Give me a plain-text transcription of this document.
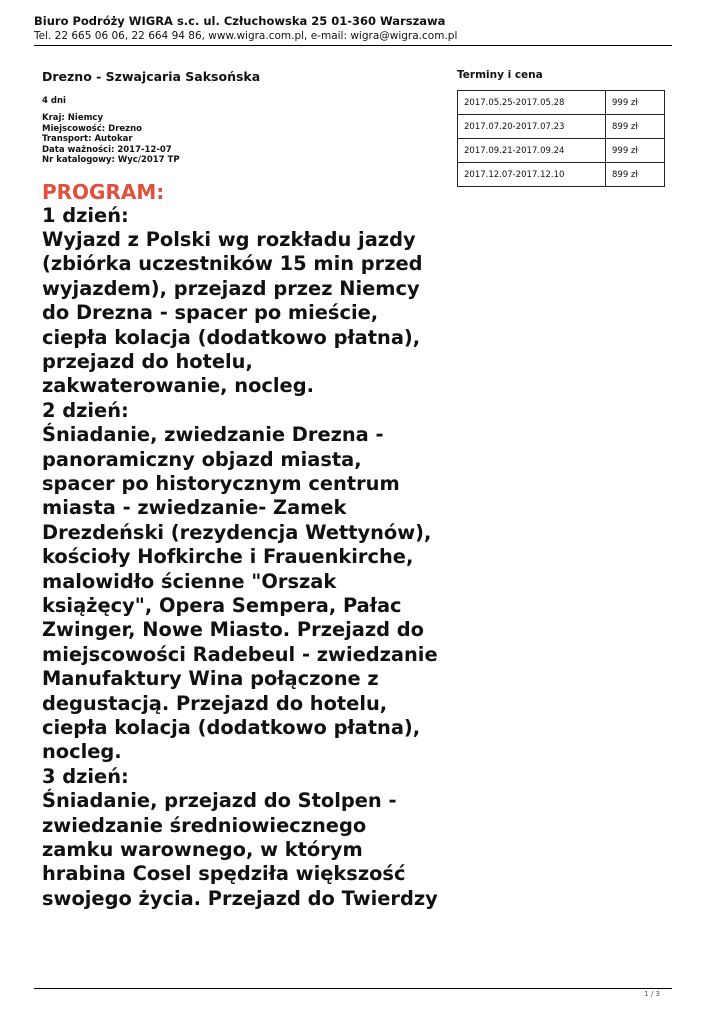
Biuro Podróży WIGRA s.c. ul. Człuchowska 25 01-360 Warszawa
Tel. 22 665 06 06, 22 664 94 86, www.wigra.com.pl, e-mail: wigra@wigra.com.pl
Drezno - Szwajcaria Saksońska
4 dni
Kraj: Niemcy
Miejscowość: Drezno
Transport: Autokar
Data ważności: 2017-12-07
Nr katalogowy: Wyc/2017 TP
PROGRAM:
1 dzień:
Wyjazd z Polski wg rozkładu jazdy
(zbiórka uczestników 15 min przed
wyjazdem), przejazd przez Niemcy
do Drezna - spacer po mieście,
ciepła kolacja (dodatkowo płatna),
przejazd do hotelu,
zakwaterowanie, nocleg.
2 dzień:
Śniadanie, zwiedzanie Drezna -
panoramiczny objazd miasta,
spacer po historycznym centrum
miasta - zwiedzanie- Zamek
Drezdeński (rezydencja Wettynów),
kościoły Hofkirche i Frauenkirche,
malowidło ścienne "Orszak
książęcy", Opera Sempera, Pałac
Zwinger, Nowe Miasto. Przejazd do
miejscowości Radebeul - zwiedzanie
Manufaktury Wina połączone z
degustacją. Przejazd do hotelu,
ciepła kolacja (dodatkowo płatna),
nocleg.
3 dzień:
Śniadanie, przejazd do Stolpen -
zwiedzanie średniowiecznego
zamku warownego, w którym
hrabina Cosel spędziła większość
swojego życia. Przejazd do Twierdzy
Terminy i cena
2017.05.25-2017.05.28	999 zł
2017.07.20-2017.07.23	899 zł
2017.09.21-2017.09.24	999 zł
2017.12.07-2017.12.10	899 zł
1 / 3
